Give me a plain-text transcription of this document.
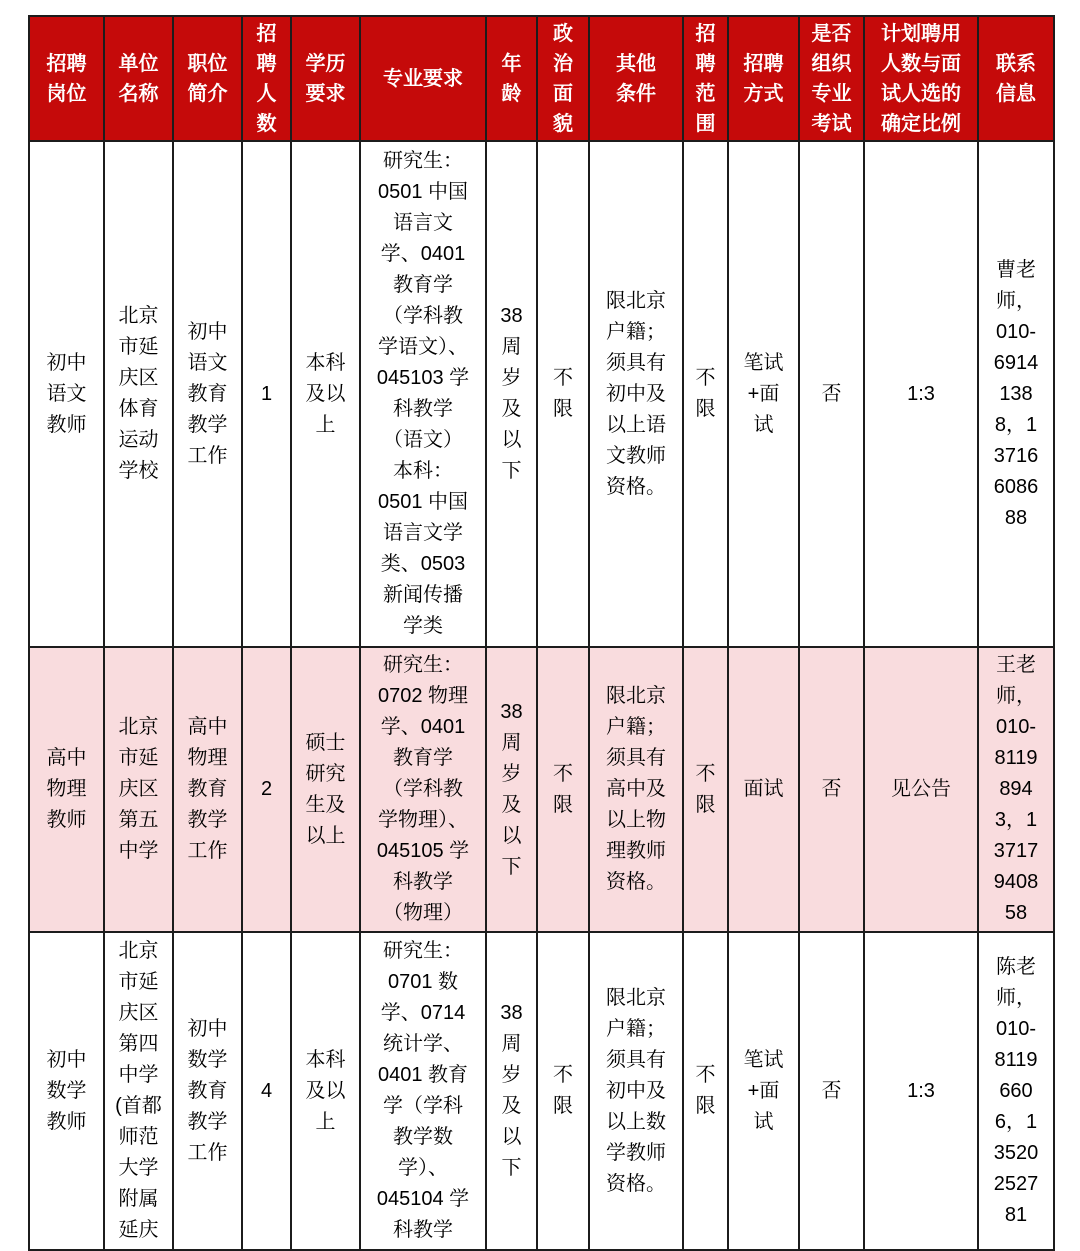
招聘岗位	单位名称	职位简介	招聘人数	学历要求	专业要求	年龄	政治面貌	其他条件	招聘范围	招聘方式	是否组织专业考试	计划聘用人数与面试人选的确定比例	联系信息
初中语文教师	北京市延庆区体育运动学校	初中语文教育教学工作	1	本科及以上	研究生：0501 中国语言文学、0401 教育学（学科教学语文）、045103 学科教学（语文）本科：0501 中国语言文学类、0503 新闻传播学类	38周岁及以下	不限	限北京户籍；须具有初中及以上语文教师资格。	不限	笔试+面试	否	1:3	曹老师，010-69141388，13716608688
高中物理教师	北京市延庆区第五中学	高中物理教育教学工作	2	硕士研究生及以上	研究生：0702 物理学、0401 教育学（学科教学物理）、045105 学科教学（物理）	38周岁及以下	不限	限北京户籍；须具有高中及以上物理教师资格。	不限	面试	否	见公告	王老师，010-81198943，13717940858
初中数学教师	北京市延庆区第四中学(首都师范大学附属延庆	初中数学教育教学工作	4	本科及以上	研究生：0701 数学、0714 统计学、0401 教育学（学科教学数学）、045104 学科教学	38周岁及以下	不限	限北京户籍；须具有初中及以上数学教师资格。	不限	笔试+面试	否	1:3	陈老师，010-81196606，13520252781
